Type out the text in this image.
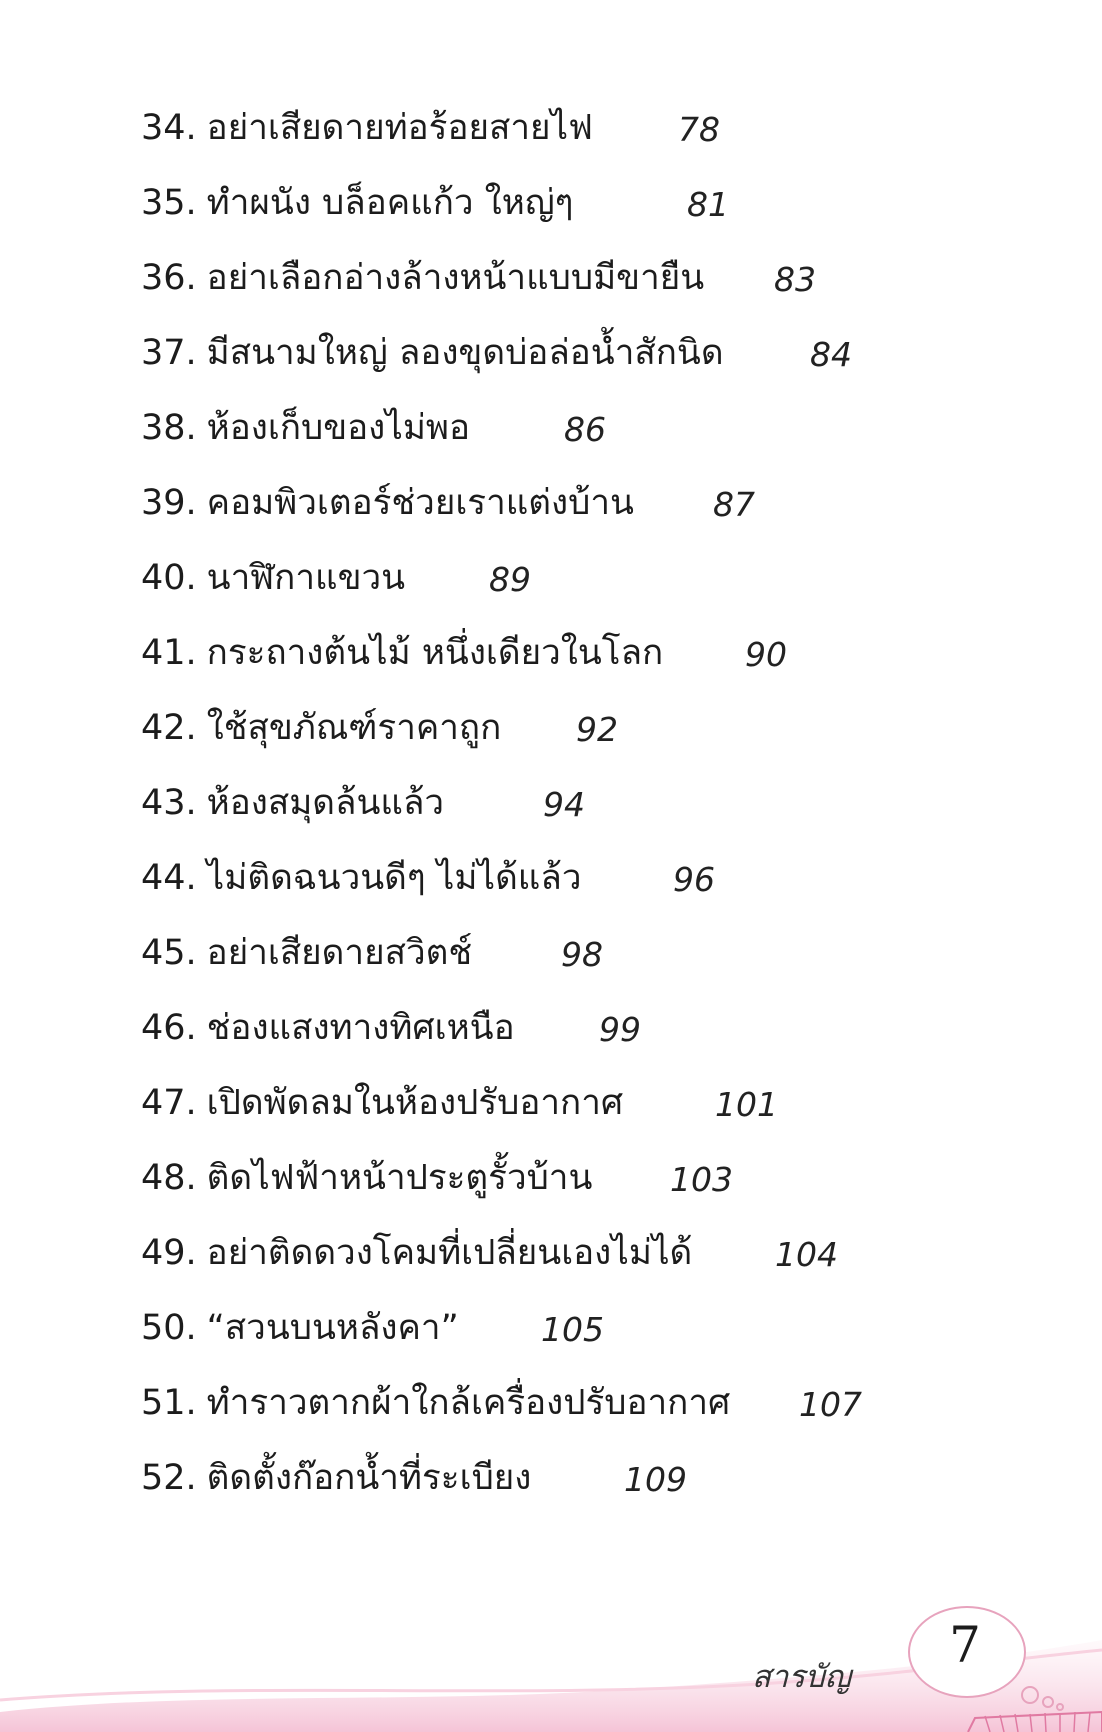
34. อย่าเสียดายท่อร้อยสายไฟ	78
35. ทำผนัง บล็อคแก้ว ใหญ่ๆ	81
36. อย่าเลือกอ่างล้างหน้าแบบมีขายืน 83
37. มีสนามใหญ่ ลองขุดบ่อล่อน้ำสักนิด	84
38. ห้องเก็บของไม่พอ	86
39. คอมพิวเตอร์ช่วยเราแต่งบ้าน 87
40. นาฬิกาแขวน	89
41. กระถางต้นไม้ หนึ่งเดียวในโลก 90
42. ใช้สุขภัณฑ์ราคาถูก 92
43. ห้องสมุดล้นแล้ว	94
44. ไม่ติดฉนวนดีๆ ไม่ได้แล้ว	96
45. อย่าเสียดายสวิตช์	98
46. ช่องแสงทางทิศเหนือ	99
47. เปิดพัดลมในห้องปรับอากาศ	101
48. ติดไฟฟ้าหน้าประตูรั้วบ้าน 103
49. อย่าติดดวงโคมที่เปลี่ยนเองไม่ได้	104
50. “สวนบนหลังคา” 105
51. ทำราวตากผ้าใกล้เครื่องปรับอากาศ 107
52. ติดตั้งก๊อกน้ำที่ระเบียง	109
7
สารบัญ
